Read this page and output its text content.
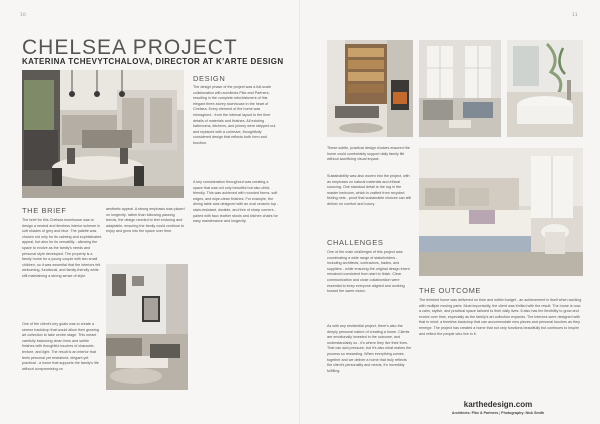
10
CHELSEA PROJECT
KATERINA TCHEVYTCHALOVA, DIRECTOR AT K'ARTE DESIGN
DESIGN

The design phase of the project was a full-scale collaboration with architects Pike and Partners, resulting in the complete refurbishment of this elegant three-storey townhouse in the heart of Chelsea. Every element of the home was reimagined - from the internal layout to the finer details of materials and finishes. All existing bathrooms, kitchens, and joinery were stripped out and replaced with a cohesive, thoughtfully considered design that reflects both form and function.

A key consideration throughout was creating a space that was not only beautiful but also child-friendly. This was achieved with rounded forms, soft edges, and wipe-clean finishes. For example, the dining table was designed with an oval ceramic top - stain-resistant, durable, and free of sharp corners - paired with faux leather stools and kitchen chairs for easy maintenance and longevity.

THE BRIEF

The brief for this Chelsea townhouse was to design a neutral and timeless interior scheme in soft shades of grey and blue. The palette was chosen not only for its calming and sophisticated appeal, but also for its versatility - allowing the space to evolve as the family's needs and personal style developed. The property is a family home for a young couple with two small children, so it was essential that the interiors felt welcoming, functional, and family-friendly while still maintaining a strong sense of style.

One of the client's key goals was to create a serene backdrop that would allow their growing art collection to take centre stage. This meant carefully balancing clean lines and subtle finishes with thoughtful touches of character, texture, and light. The result is an interior that feels personal yet restrained, elegant yet practical - a home that supports the family's life without compromising on

aesthetic appeal. A strong emphasis was placed on longevity: rather than following passing trends, the design needed to feel enduring and adaptable, ensuring the family could continue to enjoy and grow into the space over time.

11

These subtle, practical design choices ensured the home could comfortably support daily family life without sacrificing visual impact.

Sustainability was also woven into the project, with an emphasis on natural materials and ethical sourcing. One standout detail is the rug in the master bedroom, which is crafted from recycled fishing nets - proof that sustainable choices can still deliver on comfort and luxury.

CHALLENGES

One of the main challenges of this project was coordinating a wide range of stakeholders - including architects, contractors, trades, and suppliers - while ensuring the original design intent remained consistent from start to finish. Clear communication and close collaboration were essential to keep everyone aligned and working toward the same vision.

As with any residential project, there's also the deeply personal nature of creating a home. Clients are emotionally invested in the outcome, and understandably so - it's where they live their lives. That can add pressure, but it's also what makes the process so rewarding. When everything comes together and we deliver a home that truly reflects the client's personality and needs, it's incredibly fulfilling.

THE OUTCOME

The finished home was delivered on time and within budget - an achievement in itself when working with multiple moving parts. Most importantly, the client was thrilled with the result. The home is now a calm, stylish, and practical space tailored to their daily lives. It also has the flexibility to grow and evolve over time, especially as the family's art collection expands. The interiors were designed with that in mind: a timeless backdrop that can accommodate new pieces and personal touches as they emerge. The project has created a home that not only functions beautifully but continues to inspire and reflect the people who live in it.

karthedesign.com
Architects: Pike & Partners | Photography: Nick Smith
